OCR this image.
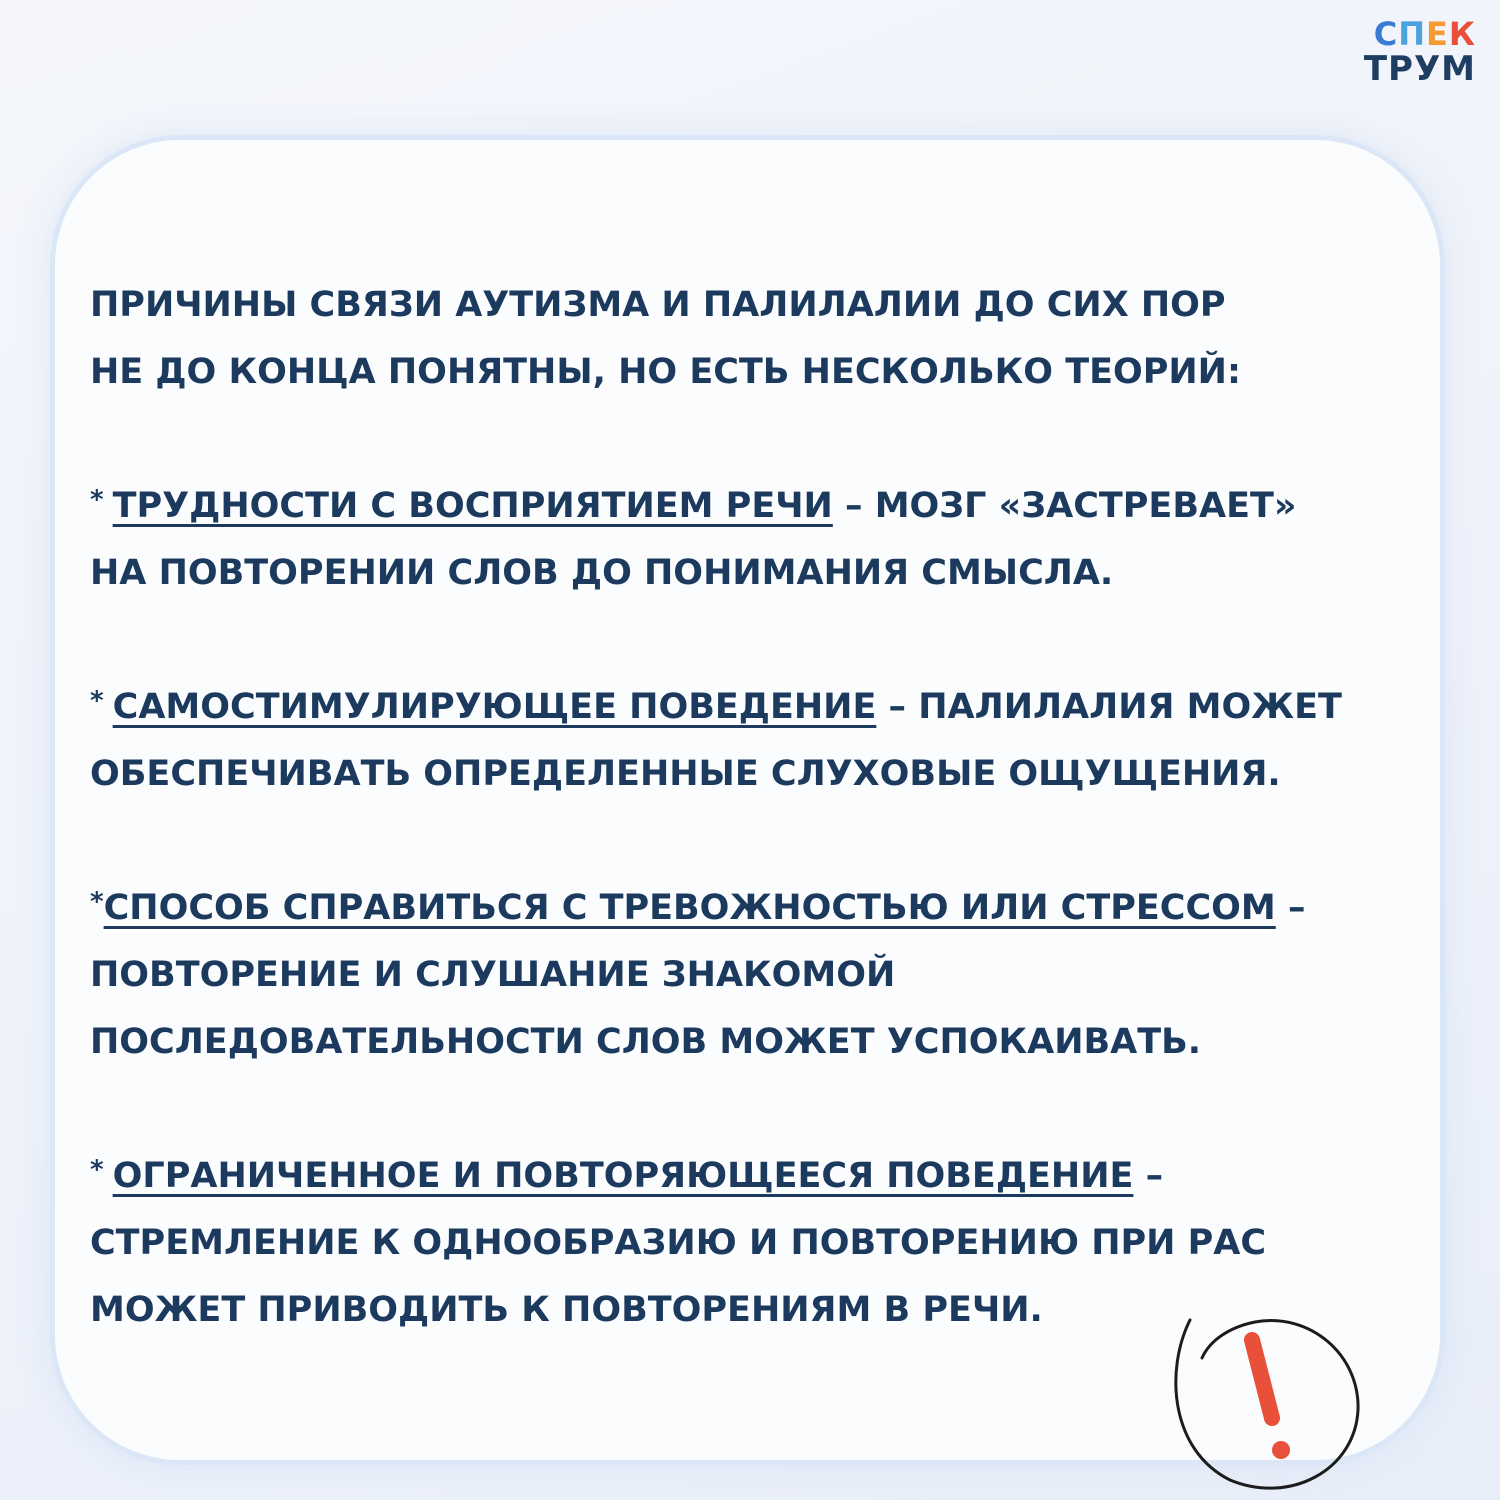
СПЕК
ТРУМ

ПРИЧИНЫ СВЯЗИ АУТИЗМА И ПАЛИЛАЛИИ ДО СИХ ПОР
НЕ ДО КОНЦА ПОНЯТНЫ, НО ЕСТЬ НЕСКОЛЬКО ТЕОРИЙ:

* ТРУДНОСТИ С ВОСПРИЯТИЕМ РЕЧИ – МОЗГ «ЗАСТРЕВАЕТ»
НА ПОВТОРЕНИИ СЛОВ ДО ПОНИМАНИЯ СМЫСЛА.

* САМОСТИМУЛИРУЮЩЕЕ ПОВЕДЕНИЕ – ПАЛИЛАЛИЯ МОЖЕТ
ОБЕСПЕЧИВАТЬ ОПРЕДЕЛЕННЫЕ СЛУХОВЫЕ ОЩУЩЕНИЯ.

*СПОСОБ СПРАВИТЬСЯ С ТРЕВОЖНОСТЬЮ ИЛИ СТРЕССОМ –
ПОВТОРЕНИЕ И СЛУШАНИЕ ЗНАКОМОЙ
ПОСЛЕДОВАТЕЛЬНОСТИ СЛОВ МОЖЕТ УСПОКАИВАТЬ.

* ОГРАНИЧЕННОЕ И ПОВТОРЯЮЩЕЕСЯ ПОВЕДЕНИЕ –
СТРЕМЛЕНИЕ К ОДНООБРАЗИЮ И ПОВТОРЕНИЮ ПРИ РАС
МОЖЕТ ПРИВОДИТЬ К ПОВТОРЕНИЯМ В РЕЧИ.
